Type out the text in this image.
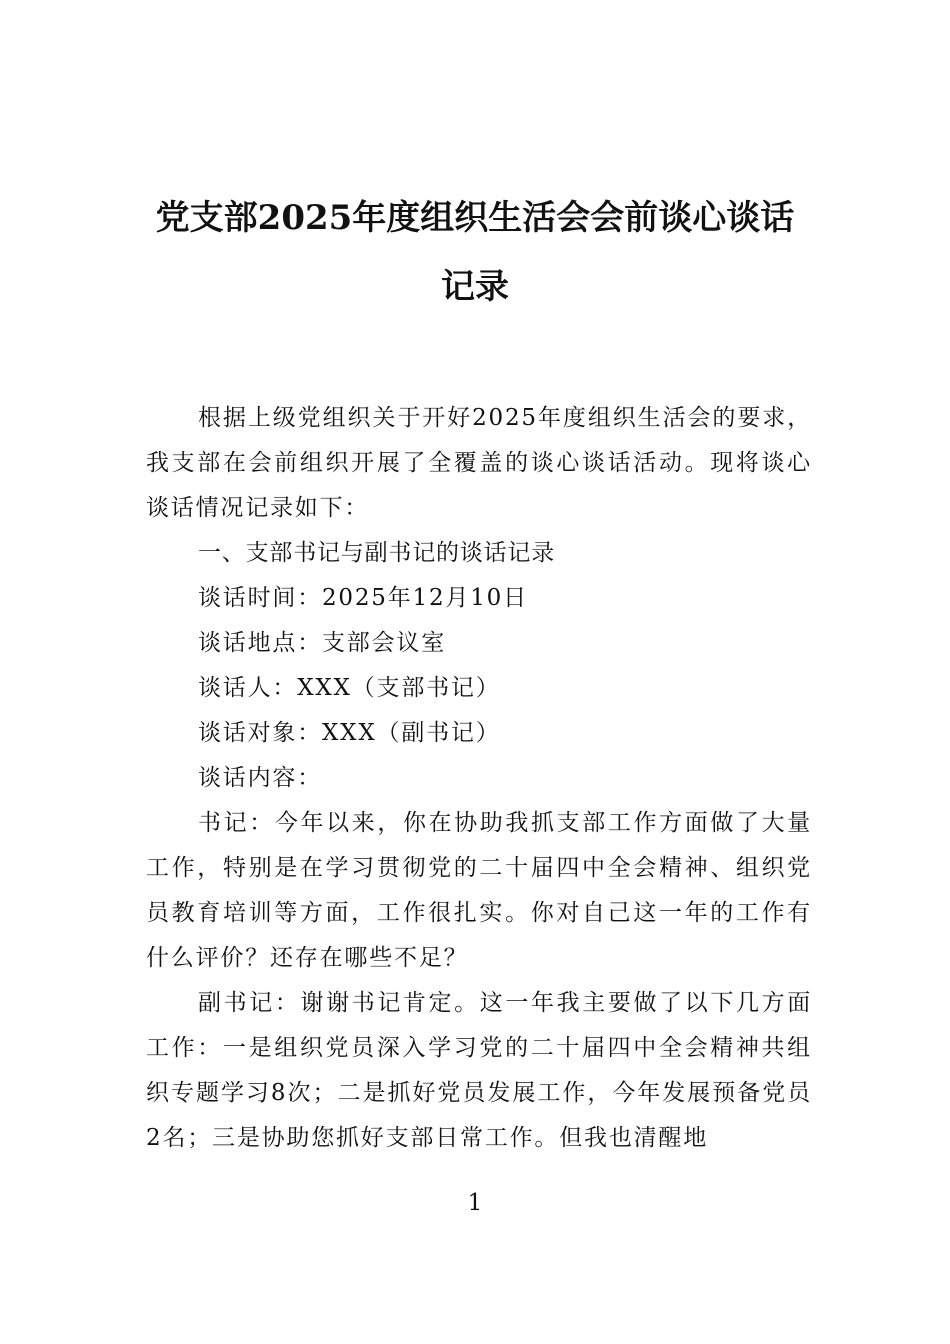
党支部2025年度组织生活会会前谈心谈话
记录

根据上级党组织关于开好2025年度组织生活会的要求，我支部在会前组织开展了全覆盖的谈心谈话活动。现将谈心谈话情况记录如下：

一、支部书记与副书记的谈话记录

谈话时间：2025年12月10日

谈话地点：支部会议室

谈话人：XXX（支部书记）

谈话对象：XXX（副书记）

谈话内容：

书记：今年以来，你在协助我抓支部工作方面做了大量工作，特别是在学习贯彻党的二十届四中全会精神、组织党员教育培训等方面，工作很扎实。你对自己这一年的工作有什么评价？还存在哪些不足？

副书记：谢谢书记肯定。这一年我主要做了以下几方面工作：一是组织党员深入学习党的二十届四中全会精神共组织专题学习8次；二是抓好党员发展工作，今年发展预备党员2名；三是协助您抓好支部日常工作。但我也清醒地

1
